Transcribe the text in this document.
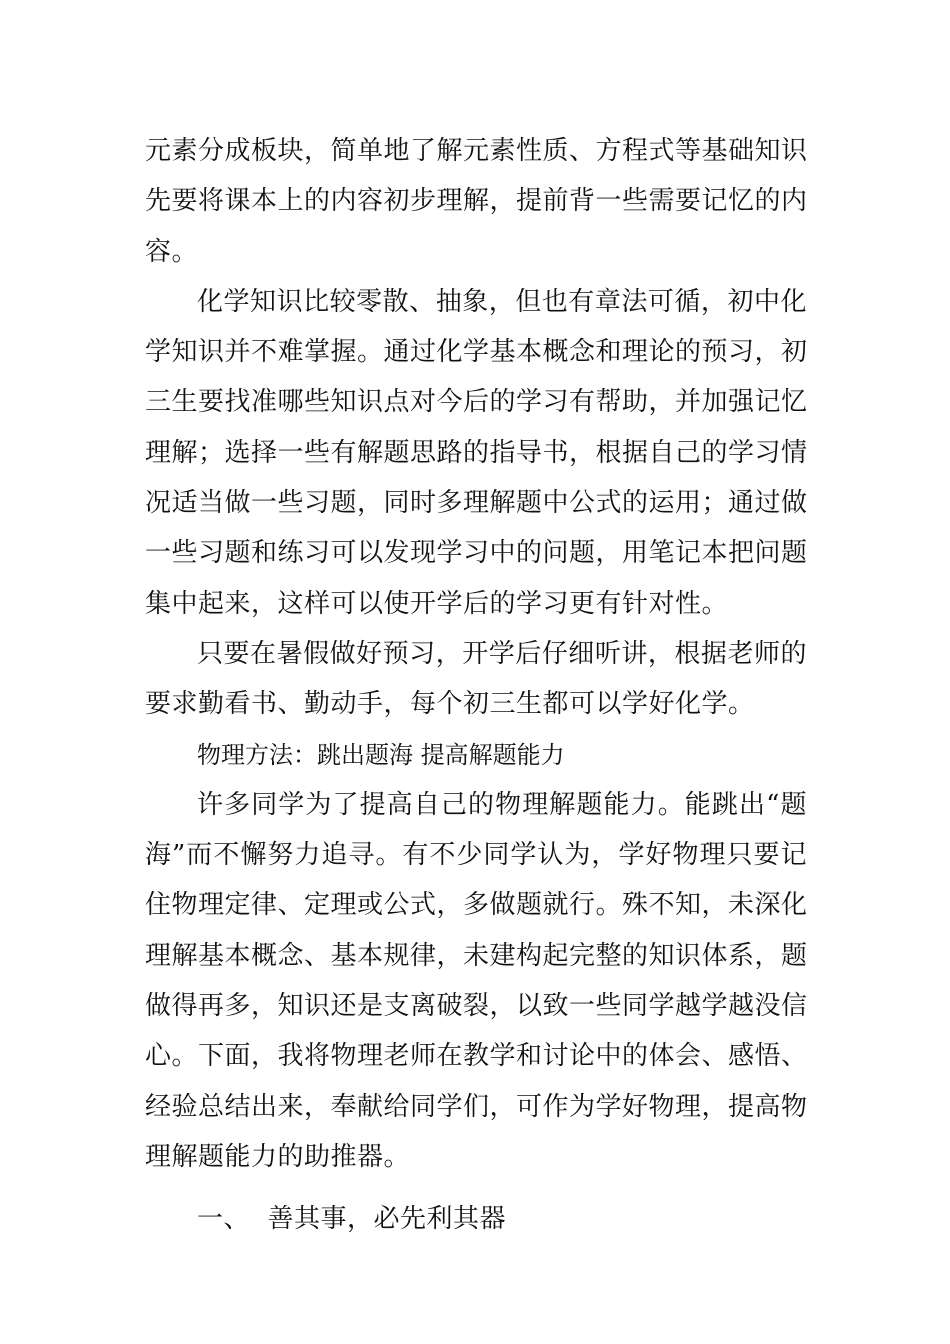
元素分成板块，简单地了解元素性质、方程式等基础知识
先要将课本上的内容初步理解，提前背一些需要记忆的内
容。
化学知识比较零散、抽象，但也有章法可循，初中化
学知识并不难掌握。通过化学基本概念和理论的预习，初
三生要找准哪些知识点对今后的学习有帮助，并加强记忆
理解；选择一些有解题思路的指导书，根据自己的学习情
况适当做一些习题，同时多理解题中公式的运用；通过做
一些习题和练习可以发现学习中的问题，用笔记本把问题
集中起来，这样可以使开学后的学习更有针对性。
只要在暑假做好预习，开学后仔细听讲，根据老师的
要求勤看书、勤动手，每个初三生都可以学好化学。
物理方法：跳出题海 提高解题能力
许多同学为了提高自己的物理解题能力。能跳出“题
海”而不懈努力追寻。有不少同学认为，学好物理只要记
住物理定律、定理或公式，多做题就行。殊不知，未深化
理解基本概念、基本规律，未建构起完整的知识体系，题
做得再多，知识还是支离破裂，以致一些同学越学越没信
心。下面，我将物理老师在教学和讨论中的体会、感悟、
经验总结出来，奉献给同学们，可作为学好物理，提高物
理解题能力的助推器。
一、  善其事，必先利其器
